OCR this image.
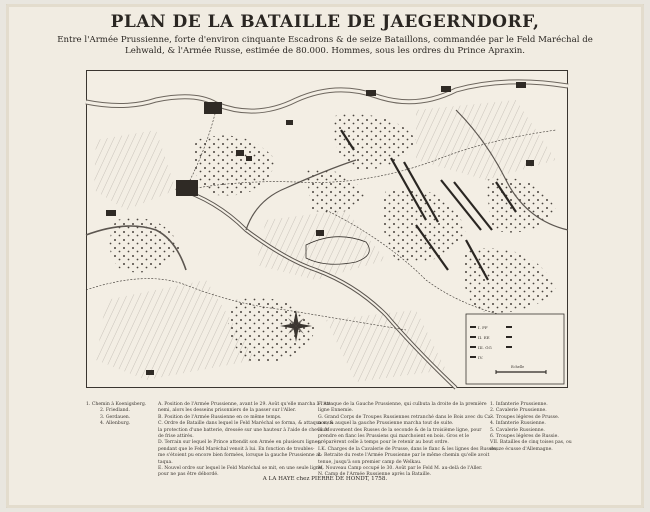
PLAN DE LA BATAILLE DE JAEGERNDORF,
Entre l'Armée Prussienne, forte d'environ cinquante Escadrons & de seize Bataillons, commandée par le Feld Maréchal de
Lehwald, & l'Armée Russe, estimée de 80.000. Hommes, sous les ordres du Prince Apraxin.
I. FF
II. EE
III. GG
IV.
Echelle
1. Chemin à Koenigsberg.
2. Friedland.
3. Gerdauen.
4. Allenburg.
A. Position de l'Armée Prussienne, avant le 29. Août qu'elle marcha à l'en-
nemi, alors les desseins prisonniers de la passer sur l'Aller.
B. Position de l'Armée Russienne en ce même temps.
C. Ordre de Bataille dans lequel le Feld Maréchal se forma, & attaqua sous
la protection d'une batterie, dressée sur une hauteur à l'aide de chevaux
de frise attirés.
D. Terrain sur lequel le Prince attendit son Armée en plusieurs lignes,
pendant que le Feld Maréchal venoit à lui. En fonction de troubles-
me s'étoient pu encore bien formées, lorsque la gauche Prussienne at-
taqua.
E. Nouvel ordre sur lequel le Feld Maréchal se mit, en une seule ligne,
pour ne pas être débordé.
F. Attaque de la Gauche Prussienne, qui culbuta la droite de la première
ligne Ennemie.
G. Grand Corps de Troupes Russiennes retranché dans le Bois avec du Ca-
non, & auquel la gauche Prussienne marcha tout de suite.
H. Mouvement des Russes de la seconde & de la troisième ligne, pour
prendre en flanc les Prussiens qui marchoient en bois. Gros et le
préparèrent celle à temps pour le retenir au bout ordre.
I.K. Charges de la Cavalerie de Prusse, dans le flanc & les lignes des Russes,
L. Retraite du reste l'Armée Prussienne par le même chemin qu'elle avoit
tenue, jusqu'à son premier camp de Welkau.
M. Nouveau Camp occupé le 30. Août par le Feld M. au-delà de l'Aller.
N. Camp de l'Armée Russienne après la Bataille.
1. Infanterie Prussienne.
2. Cavalerie Prussienne.
3. Troupes légères de Prusse.
4. Infanterie Russienne.
5. Cavalerie Russienne.
6. Troupes légères de Russie.
VII. Batailles de cinq toises pas, ou
douze écusse d'Allemagne.
A LA HAYE chez PIERRE DE HONDT, 1758.
